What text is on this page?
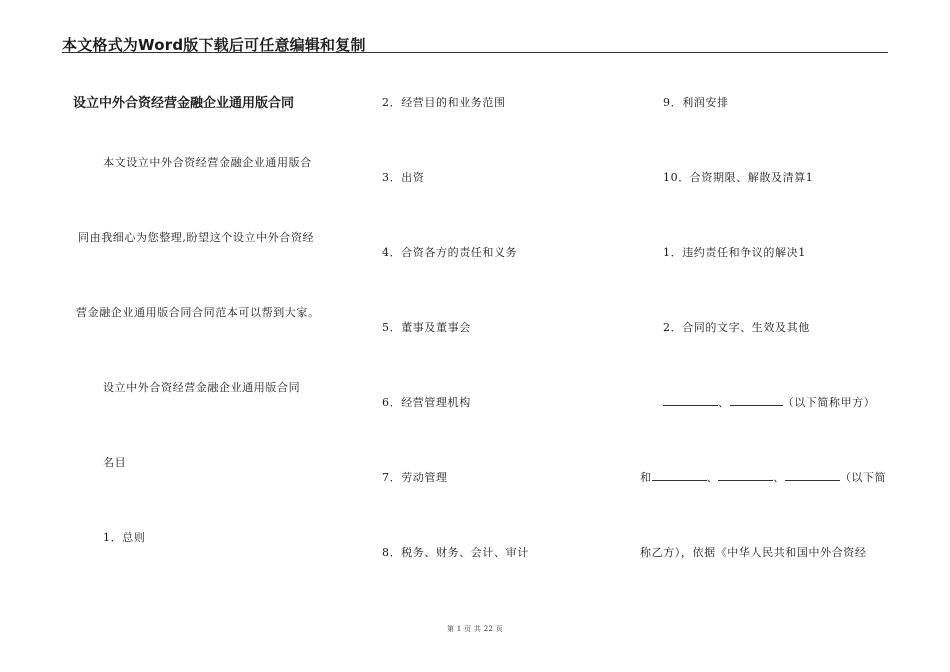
本文格式为Word版下载后可任意编辑和复制
设立中外合资经营金融企业通用版合同
本文设立中外合资经营金融企业通用版合
同由我细心为您整理,盼望这个设立中外合资经
营金融企业通用版合同合同范本可以帮到大家。
设立中外合资经营金融企业通用版合同
名目
1．总则
2．经营目的和业务范围
3．出资
4．合资各方的责任和义务
5．董事及董事会
6．经营管理机构
7．劳动管理
8．税务、财务、会计、审计
9．利润安排
10．合资期限、解散及清算1
1．违约责任和争议的解决1
2．合同的文字、生效及其他
、	（以下简称甲方）
和	、	、	（以下简
称乙方），依据《中华人民共和国中外合资经
第 1 页 共 22 页
